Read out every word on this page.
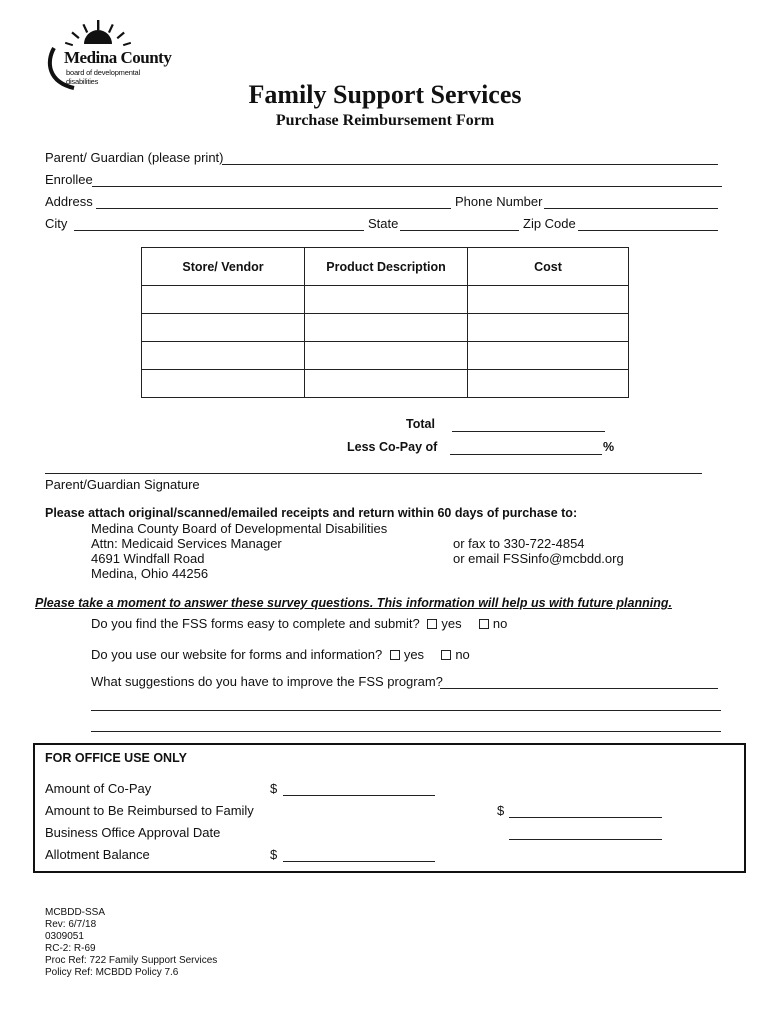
Medina County
board of developmental disabilities	Family Support Services
Purchase Reimbursement Form
Parent/ Guardian (please print)
Enrollee
Address	Phone Number
City	State	Zip Code
Store/ Vendor	Product Description	Cost

Total
Less Co-Pay of	%
Parent/Guardian Signature
Please attach original/scanned/emailed receipts and return within 60 days of purchase to:
Medina County Board of Developmental Disabilities
Attn: Medicaid Services Manager
4691 Windfall Road
Medina, Ohio 44256
or fax to 330-722-4854
or email FSSinfo@mcbdd.org
Please take a moment to answer these survey questions. This information will help us with future planning.
Do you find the FSS forms easy to complete and submit? yes no
Do you use our website for forms and information? yes no
What suggestions do you have to improve the FSS program?
FOR OFFICE USE ONLY
Amount of Co-Pay	$
Amount to Be Reimbursed to Family	$
Business Office Approval Date
Allotment Balance	$
MCBDD-SSA
Rev: 6/7/18
0309051
RC-2: R-69
Proc Ref: 722 Family Support Services
Policy Ref: MCBDD Policy 7.6
